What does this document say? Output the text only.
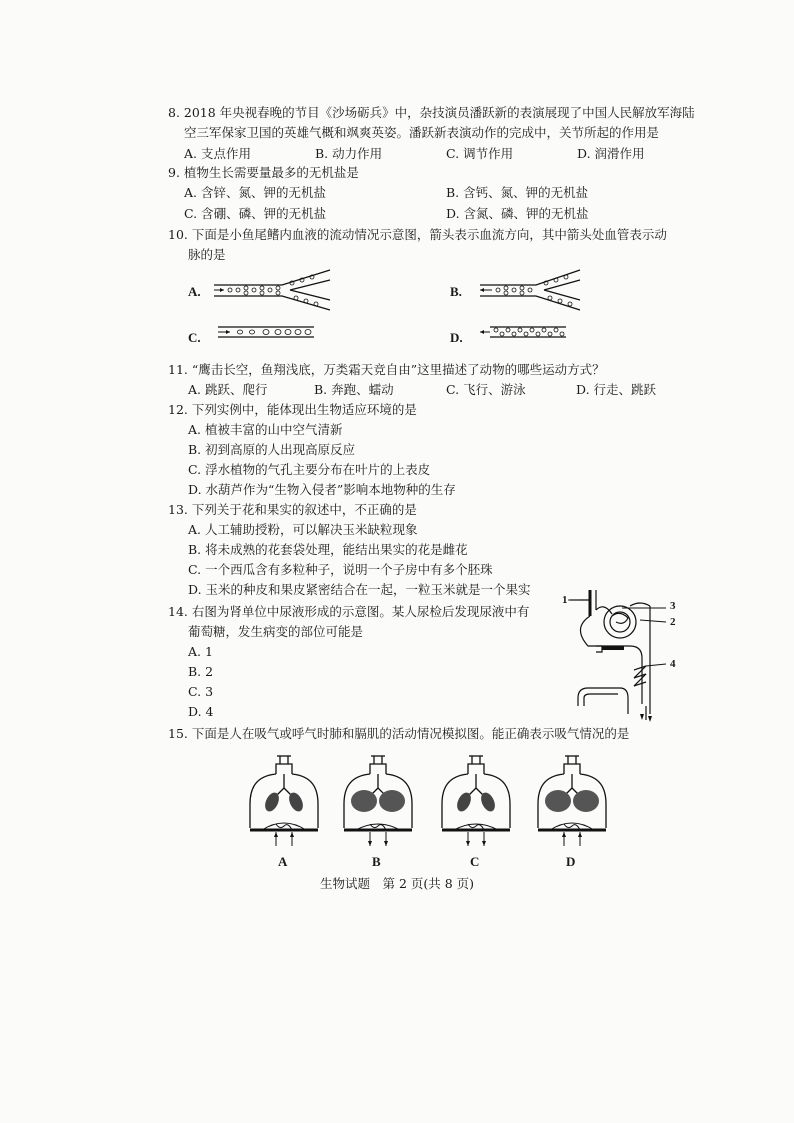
8. 2018 年央视春晚的节目《沙场砺兵》中，杂技演员潘跃新的表演展现了中国人民解放军海陆
空三军保家卫国的英雄气概和飒爽英姿。潘跃新表演动作的完成中，关节所起的作用是
A. 支点作用	B. 动力作用	C. 调节作用	D. 润滑作用
9. 植物生长需要量最多的无机盐是
A. 含锌、氮、钾的无机盐	B. 含钙、氮、钾的无机盐
C. 含硼、磷、钾的无机盐	D. 含氮、磷、钾的无机盐
10. 下面是小鱼尾鳍内血液的流动情况示意图，箭头表示血流方向，其中箭头处血管表示动
脉的是
A.	B.
C.	D.
11. “鹰击长空，鱼翔浅底，万类霜天竞自由”这里描述了动物的哪些运动方式？
A. 跳跃、爬行	B. 奔跑、蠕动	C. 飞行、游泳	D. 行走、跳跃
12. 下列实例中，能体现出生物适应环境的是
A. 植被丰富的山中空气清新
B. 初到高原的人出现高原反应
C. 浮水植物的气孔主要分布在叶片的上表皮
D. 水葫芦作为“生物入侵者”影响本地物种的生存
13. 下列关于花和果实的叙述中，不正确的是
A. 人工辅助授粉，可以解决玉米缺粒现象
B. 将未成熟的花套袋处理，能结出果实的花是雌花
C. 一个西瓜含有多粒种子，说明一个子房中有多个胚珠
D. 玉米的种皮和果皮紧密结合在一起，一粒玉米就是一个果实
14. 右图为肾单位中尿液形成的示意图。某人尿检后发现尿液中有
葡萄糖，发生病变的部位可能是
A. 1
B. 2
C. 3
D. 4
1	3
2
4
15. 下面是人在吸气或呼气时肺和膈肌的活动情况模拟图。能正确表示吸气情况的是
A	B	C	D
生物试题　第 2 页(共 8 页)
